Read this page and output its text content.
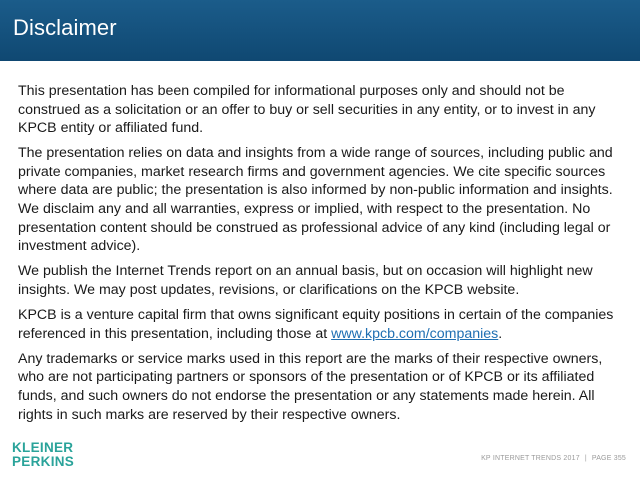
Disclaimer

This presentation has been compiled for informational purposes only and should not be construed as a solicitation or an offer to buy or sell securities in any entity, or to invest in any KPCB entity or affiliated fund.

The presentation relies on data and insights from a wide range of sources, including public and private companies, market research firms and government agencies. We cite specific sources where data are public; the presentation is also informed by non-public information and insights. We disclaim any and all warranties, express or implied, with respect to the presentation. No presentation content should be construed as professional advice of any kind (including legal or investment advice).

We publish the Internet Trends report on an annual basis, but on occasion will highlight new insights. We may post updates, revisions, or clarifications on the KPCB website.

KPCB is a venture capital firm that owns significant equity positions in certain of the companies referenced in this presentation, including those at www.kpcb.com/companies.

Any trademarks or service marks used in this report are the marks of their respective owners, who are not participating partners or sponsors of the presentation or of KPCB or its affiliated funds, and such owners do not endorse the presentation or any statements made herein. All rights in such marks are reserved by their respective owners.

KLEINER
PERKINS	KP INTERNET TRENDS 2017 | PAGE 355
